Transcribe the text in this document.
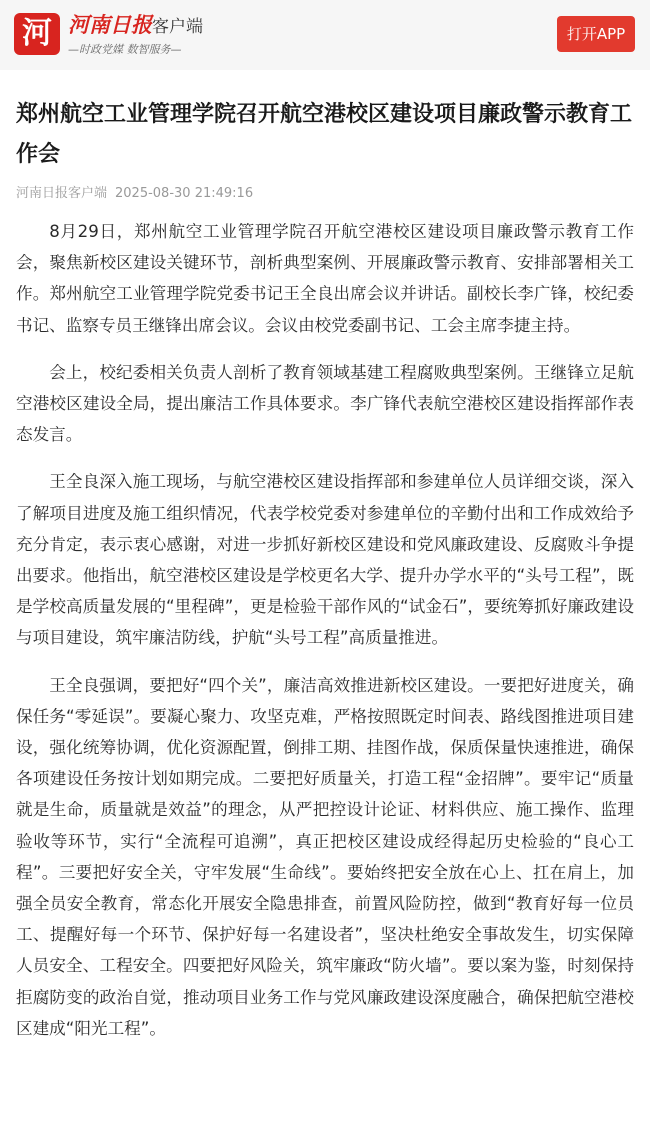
河 河南日报客户端
—时政党媒 数智服务—
打开APP
郑州航空工业管理学院召开航空港校区建设项目廉政警示教育工作会
河南日报客户端 2025-08-30 21:49:16

8月29日，郑州航空工业管理学院召开航空港校区建设项目廉政警示教育工作会，聚焦新校区建设关键环节，剖析典型案例、开展廉政警示教育、安排部署相关工作。郑州航空工业管理学院党委书记王全良出席会议并讲话。副校长李广锋，校纪委书记、监察专员王继锋出席会议。会议由校党委副书记、工会主席李捷主持。

会上，校纪委相关负责人剖析了教育领域基建工程腐败典型案例。王继锋立足航空港校区建设全局，提出廉洁工作具体要求。李广锋代表航空港校区建设指挥部作表态发言。

王全良深入施工现场，与航空港校区建设指挥部和参建单位人员详细交谈，深入了解项目进度及施工组织情况，代表学校党委对参建单位的辛勤付出和工作成效给予充分肯定，表示衷心感谢，对进一步抓好新校区建设和党风廉政建设、反腐败斗争提出要求。他指出，航空港校区建设是学校更名大学、提升办学水平的“头号工程”，既是学校高质量发展的“里程碑”，更是检验干部作风的“试金石”，要统筹抓好廉政建设与项目建设，筑牢廉洁防线，护航“头号工程”高质量推进。

王全良强调，要把好“四个关”，廉洁高效推进新校区建设。一要把好进度关，确保任务“零延误”。要凝心聚力、攻坚克难，严格按照既定时间表、路线图推进项目建设，强化统筹协调，优化资源配置，倒排工期、挂图作战，保质保量快速推进，确保各项建设任务按计划如期完成。二要把好质量关，打造工程“金招牌”。要牢记“质量就是生命，质量就是效益”的理念，从严把控设计论证、材料供应、施工操作、监理验收等环节，实行“全流程可追溯”，真正把校区建设成经得起历史检验的“良心工程”。三要把好安全关，守牢发展“生命线”。要始终把安全放在心上、扛在肩上，加强全员安全教育，常态化开展安全隐患排查，前置风险防控，做到“教育好每一位员工、提醒好每一个环节、保护好每一名建设者”，坚决杜绝安全事故发生，切实保障人员安全、工程安全。四要把好风险关，筑牢廉政“防火墙”。要以案为鉴，时刻保持拒腐防变的政治自觉，推动项目业务工作与党风廉政建设深度融合，确保把航空港校区建成“阳光工程”。
